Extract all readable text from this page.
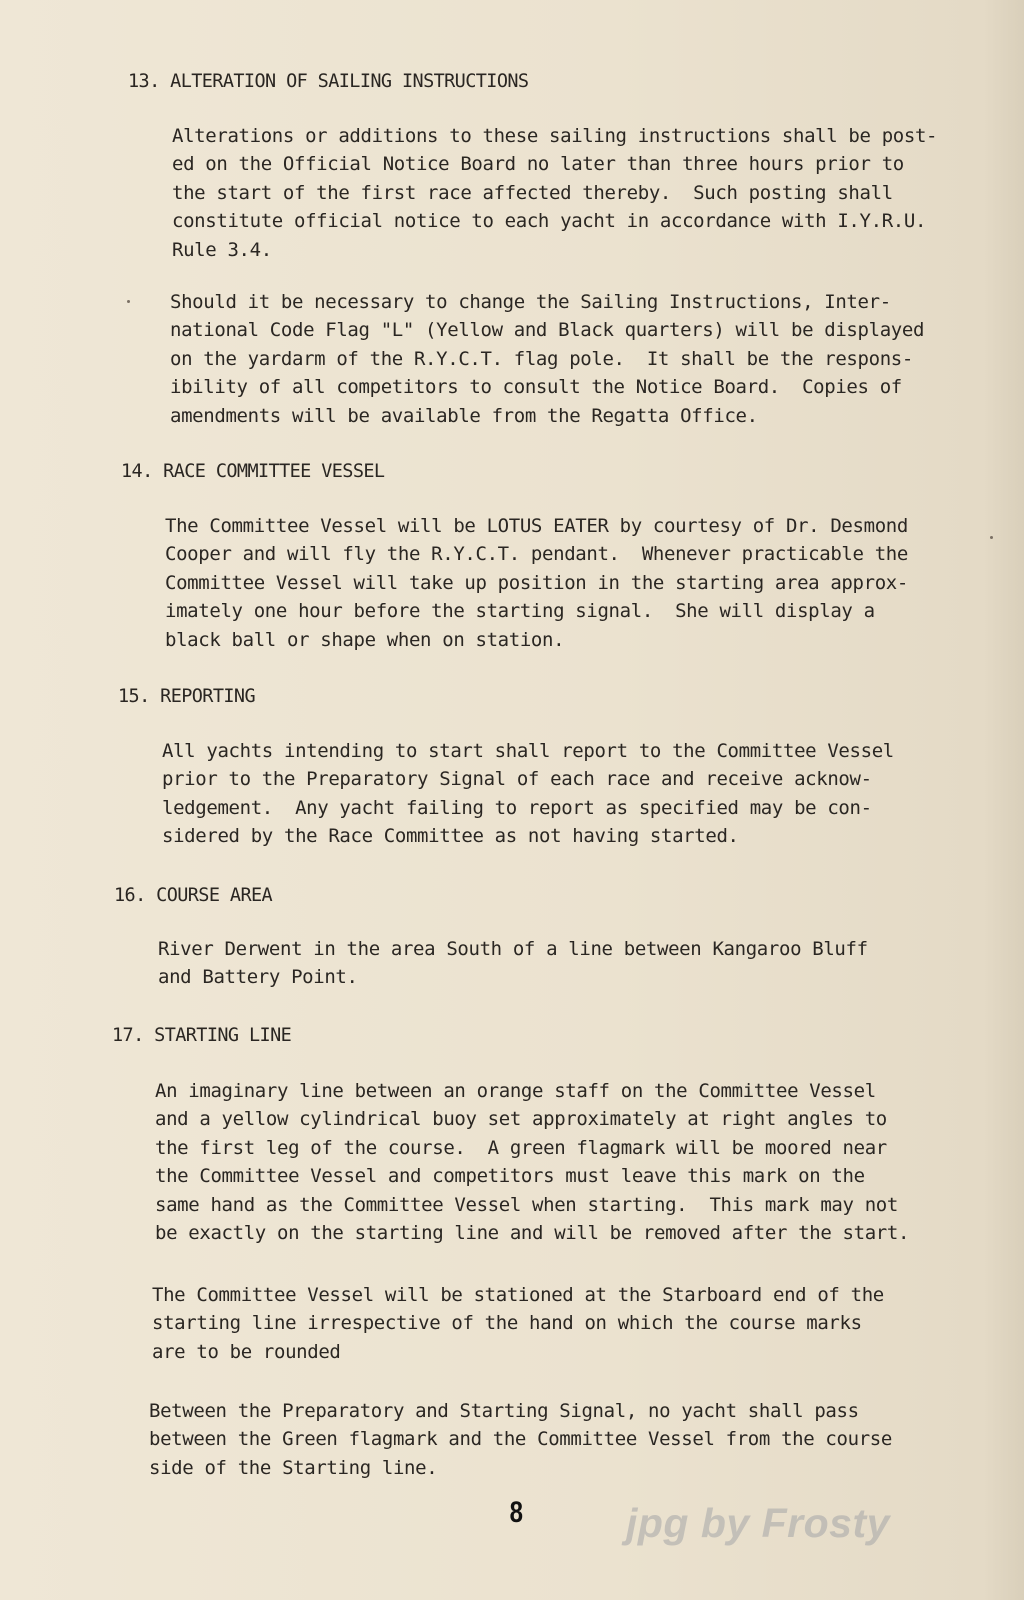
13. ALTERATION OF SAILING INSTRUCTIONS
Alterations or additions to these sailing instructions shall be post-
ed on the Official Notice Board no later than three hours prior to
the start of the first race affected thereby.  Such posting shall
constitute official notice to each yacht in accordance with I.Y.R.U.
Rule 3.4.
Should it be necessary to change the Sailing Instructions, Inter-
national Code Flag "L" (Yellow and Black quarters) will be displayed
on the yardarm of the R.Y.C.T. flag pole.  It shall be the respons-
ibility of all competitors to consult the Notice Board.  Copies of
amendments will be available from the Regatta Office.
14. RACE COMMITTEE VESSEL
The Committee Vessel will be LOTUS EATER by courtesy of Dr. Desmond
Cooper and will fly the R.Y.C.T. pendant.  Whenever practicable the
Committee Vessel will take up position in the starting area approx-
imately one hour before the starting signal.  She will display a
black ball or shape when on station.
15. REPORTING
All yachts intending to start shall report to the Committee Vessel
prior to the Preparatory Signal of each race and receive acknow-
ledgement.  Any yacht failing to report as specified may be con-
sidered by the Race Committee as not having started.
16. COURSE AREA
River Derwent in the area South of a line between Kangaroo Bluff
and Battery Point.
17. STARTING LINE
An imaginary line between an orange staff on the Committee Vessel
and a yellow cylindrical buoy set approximately at right angles to
the first leg of the course.  A green flagmark will be moored near
the Committee Vessel and competitors must leave this mark on the
same hand as the Committee Vessel when starting.  This mark may not
be exactly on the starting line and will be removed after the start.
The Committee Vessel will be stationed at the Starboard end of the
starting line irrespective of the hand on which the course marks
are to be rounded
Between the Preparatory and Starting Signal, no yacht shall pass
between the Green flagmark and the Committee Vessel from the course
side of the Starting line.
8	jpg by Frosty
